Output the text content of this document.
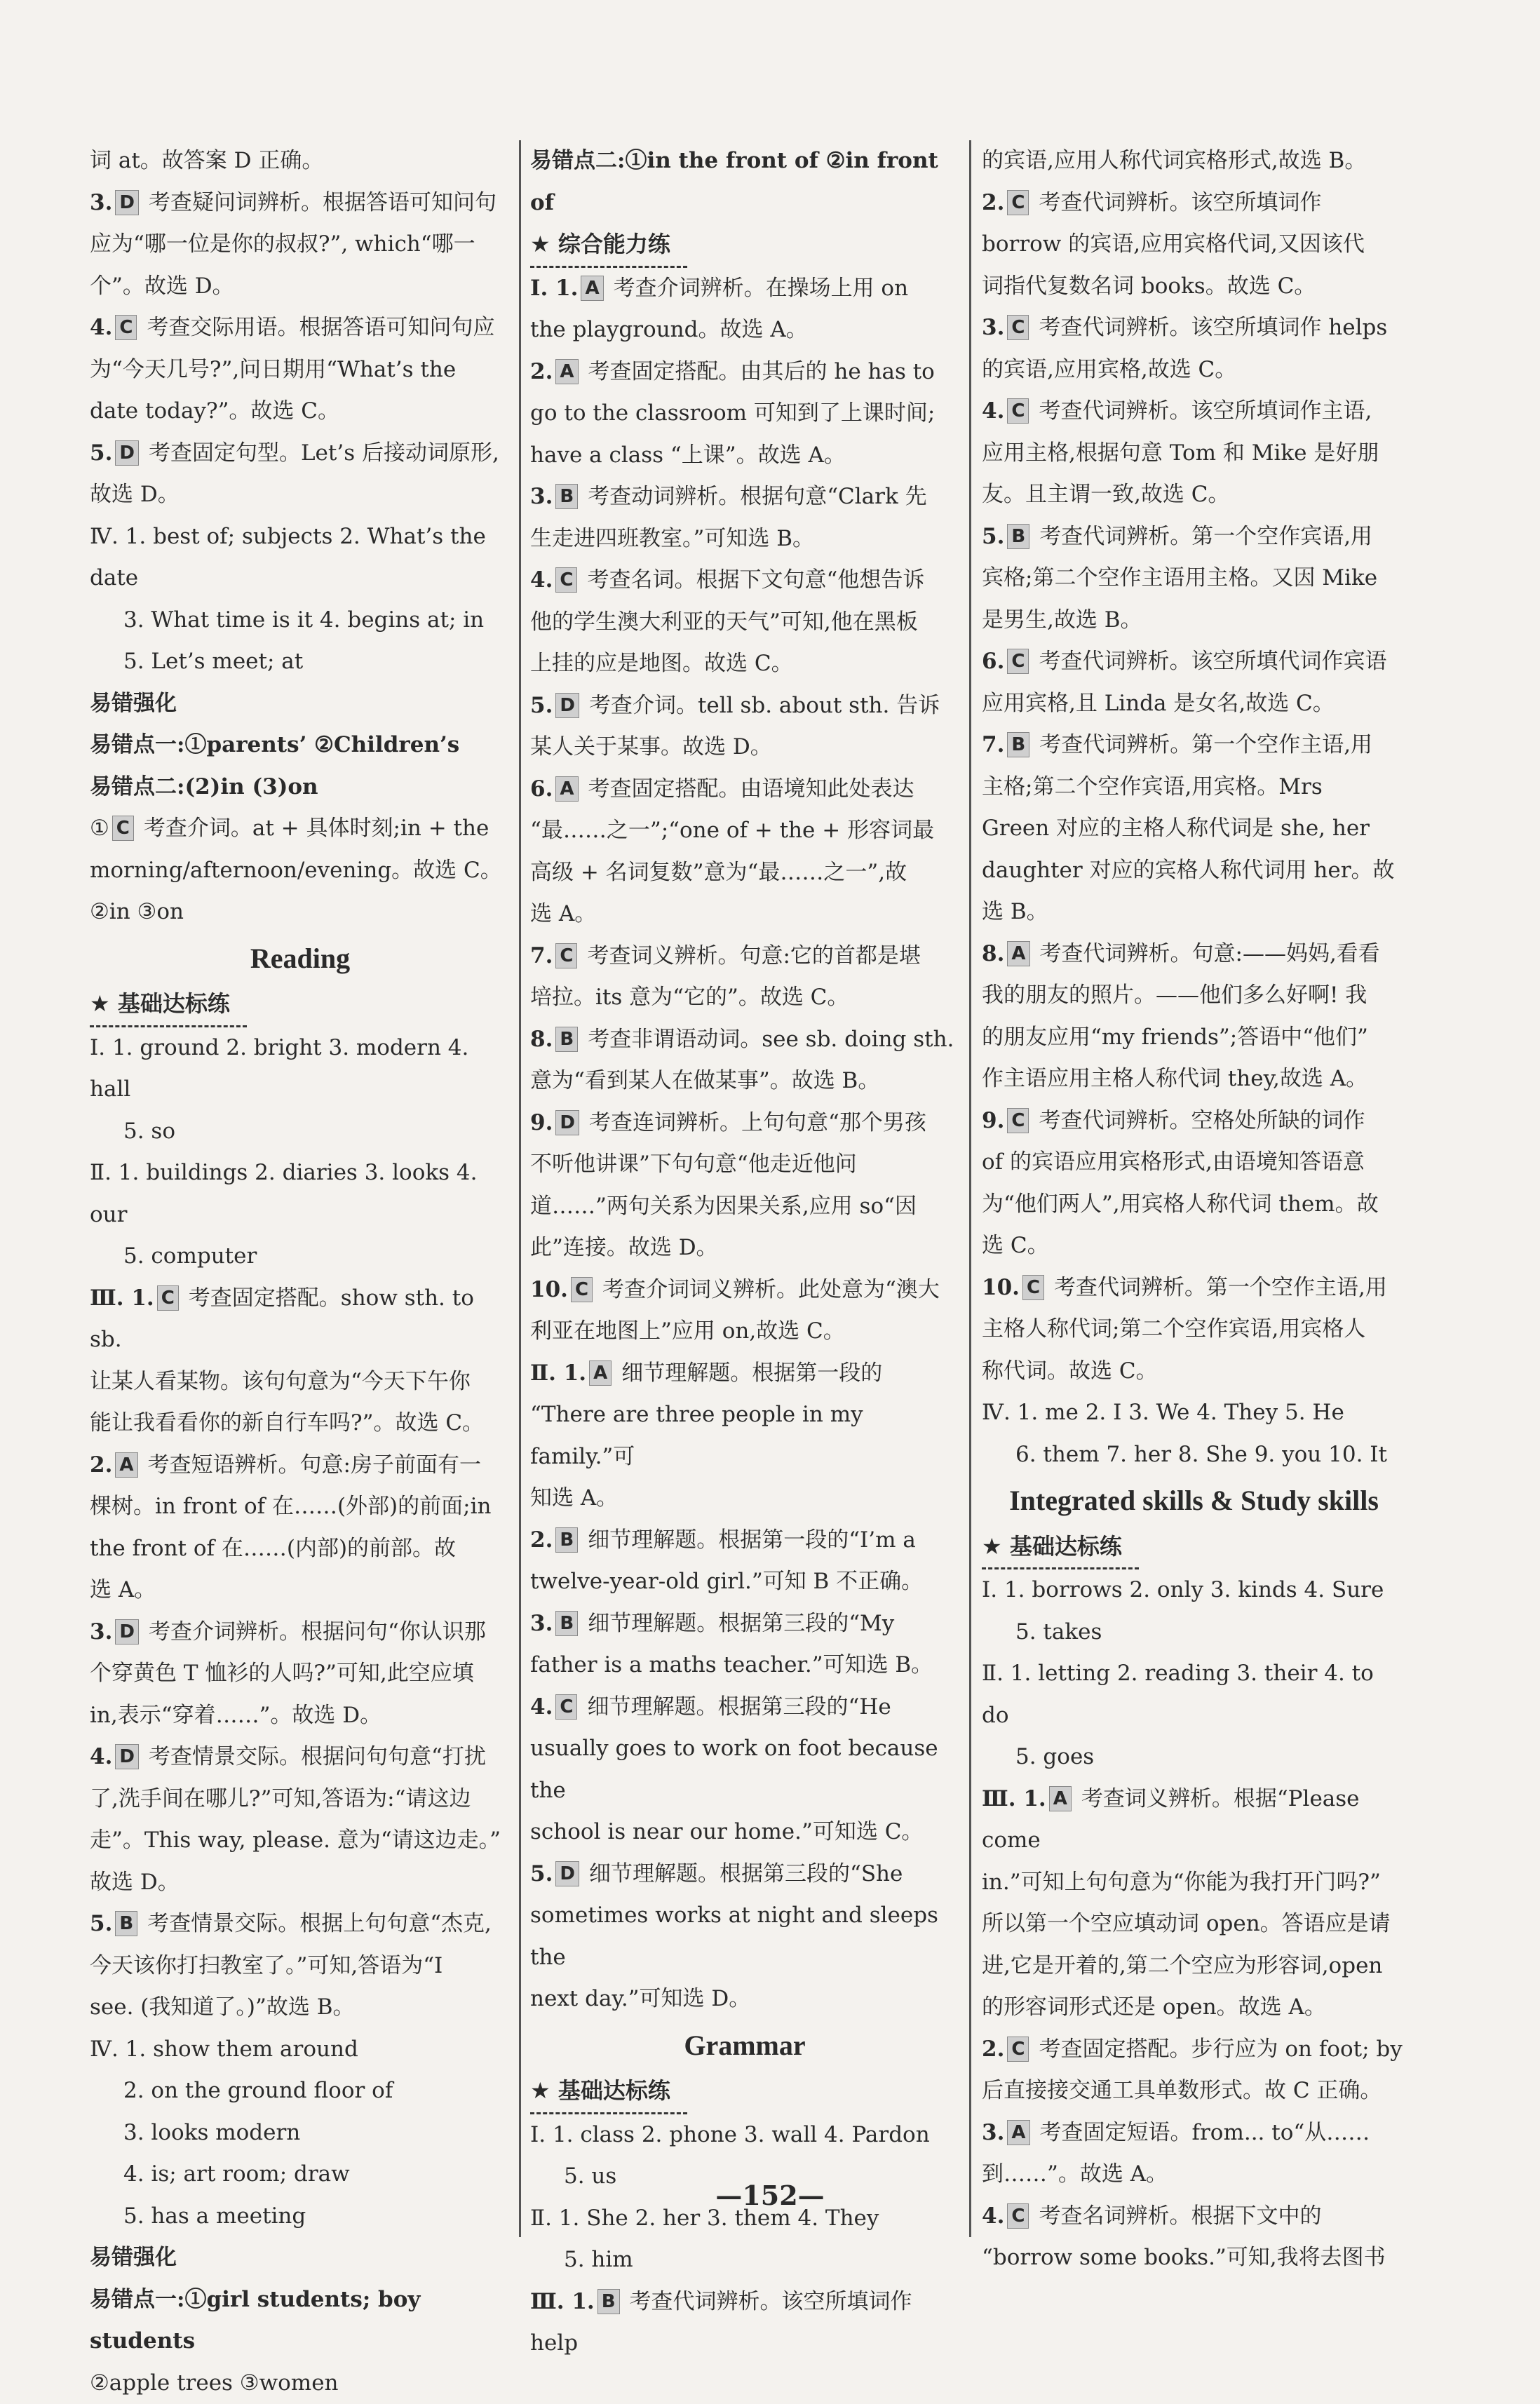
词 at。故答案 D 正确。
3. D 考查疑问词辨析。根据答语可知问句
应为“哪一位是你的叔叔?”, which“哪一
个”。故选 D。
4. C 考查交际用语。根据答语可知问句应
为“今天几号?”,问日期用“What’s the
date today?”。故选 C。
5. D 考查固定句型。Let’s 后接动词原形,
故选 D。
Ⅳ. 1. best of; subjects 2. What’s the date
3. What time is it 4. begins at; in
5. Let’s meet; at
易错强化
易错点一:①parents’ ②Children’s
易错点二:(2)in (3)on
① C 考查介词。at + 具体时刻;in + the
morning/afternoon/evening。故选 C。
②in ③on
Reading
★ 基础达标练
Ⅰ. 1. ground 2. bright 3. modern 4. hall
5. so
Ⅱ. 1. buildings 2. diaries 3. looks 4. our
5. computer
Ⅲ. 1. C 考查固定搭配。show sth. to sb.
让某人看某物。该句句意为“今天下午你
能让我看看你的新自行车吗?”。故选 C。
2. A 考查短语辨析。句意:房子前面有一
棵树。in front of 在……(外部)的前面;in
the front of 在……(内部)的前部。故
选 A。
3. D 考查介词辨析。根据问句“你认识那
个穿黄色 T 恤衫的人吗?”可知,此空应填
in,表示“穿着……”。故选 D。
4. D 考查情景交际。根据问句句意“打扰
了,洗手间在哪儿?”可知,答语为:“请这边
走”。This way, please. 意为“请这边走。”
故选 D。
5. B 考查情景交际。根据上句句意“杰克,
今天该你打扫教室了。”可知,答语为“I
see. (我知道了。)”故选 B。
Ⅳ. 1. show them around
2. on the ground floor of
3. looks modern
4. is; art room; draw
5. has a meeting
易错强化
易错点一:①girl students; boy students
②apple trees ③women
易错点二:①in the front of ②in front of
★ 综合能力练
Ⅰ. 1. A 考查介词辨析。在操场上用 on
the playground。故选 A。
2. A 考查固定搭配。由其后的 he has to
go to the classroom 可知到了上课时间;
have a class “上课”。故选 A。
3. B 考查动词辨析。根据句意“Clark 先
生走进四班教室。”可知选 B。
4. C 考查名词。根据下文句意“他想告诉
他的学生澳大利亚的天气”可知,他在黑板
上挂的应是地图。故选 C。
5. D 考查介词。tell sb. about sth. 告诉
某人关于某事。故选 D。
6. A 考查固定搭配。由语境知此处表达
“最……之一”;“one of + the + 形容词最
高级 + 名词复数”意为“最……之一”,故
选 A。
7. C 考查词义辨析。句意:它的首都是堪
培拉。its 意为“它的”。故选 C。
8. B 考查非谓语动词。see sb. doing sth.
意为“看到某人在做某事”。故选 B。
9. D 考查连词辨析。上句句意“那个男孩
不听他讲课”下句句意“他走近他问
道……”两句关系为因果关系,应用 so“因
此”连接。故选 D。
10. C 考查介词词义辨析。此处意为“澳大
利亚在地图上”应用 on,故选 C。
Ⅱ. 1. A 细节理解题。根据第一段的
“There are three people in my family.”可
知选 A。
2. B 细节理解题。根据第一段的“I’m a
twelve-year-old girl.”可知 B 不正确。
3. B 细节理解题。根据第三段的“My
father is a maths teacher.”可知选 B。
4. C 细节理解题。根据第三段的“He
usually goes to work on foot because the
school is near our home.”可知选 C。
5. D 细节理解题。根据第三段的“She
sometimes works at night and sleeps the
next day.”可知选 D。
Grammar
★ 基础达标练
Ⅰ. 1. class 2. phone 3. wall 4. Pardon
5. us
Ⅱ. 1. She 2. her 3. them 4. They
5. him
Ⅲ. 1. B 考查代词辨析。该空所填词作 help
的宾语,应用人称代词宾格形式,故选 B。
2. C 考查代词辨析。该空所填词作
borrow 的宾语,应用宾格代词,又因该代
词指代复数名词 books。故选 C。
3. C 考查代词辨析。该空所填词作 helps
的宾语,应用宾格,故选 C。
4. C 考查代词辨析。该空所填词作主语,
应用主格,根据句意 Tom 和 Mike 是好朋
友。且主谓一致,故选 C。
5. B 考查代词辨析。第一个空作宾语,用
宾格;第二个空作主语用主格。又因 Mike
是男生,故选 B。
6. C 考查代词辨析。该空所填代词作宾语
应用宾格,且 Linda 是女名,故选 C。
7. B 考查代词辨析。第一个空作主语,用
主格;第二个空作宾语,用宾格。Mrs
Green 对应的主格人称代词是 she, her
daughter 对应的宾格人称代词用 her。故
选 B。
8. A 考查代词辨析。句意:——妈妈,看看
我的朋友的照片。——他们多么好啊! 我
的朋友应用“my friends”;答语中“他们”
作主语应用主格人称代词 they,故选 A。
9. C 考查代词辨析。空格处所缺的词作
of 的宾语应用宾格形式,由语境知答语意
为“他们两人”,用宾格人称代词 them。故
选 C。
10. C 考查代词辨析。第一个空作主语,用
主格人称代词;第二个空作宾语,用宾格人
称代词。故选 C。
Ⅳ. 1. me 2. I 3. We 4. They 5. He
6. them 7. her 8. She 9. you 10. It
Integrated skills & Study skills
★ 基础达标练
Ⅰ. 1. borrows 2. only 3. kinds 4. Sure
5. takes
Ⅱ. 1. letting 2. reading 3. their 4. to do
5. goes
Ⅲ. 1. A 考查词义辨析。根据“Please come
in.”可知上句句意为“你能为我打开门吗?”
所以第一个空应填动词 open。答语应是请
进,它是开着的,第二个空应为形容词,open
的形容词形式还是 open。故选 A。
2. C 考查固定搭配。步行应为 on foot; by
后直接接交通工具单数形式。故 C 正确。
3. A 考查固定短语。from... to“从……
到……”。故选 A。
4. C 考查名词辨析。根据下文中的
“borrow some books.”可知,我将去图书
—152—
